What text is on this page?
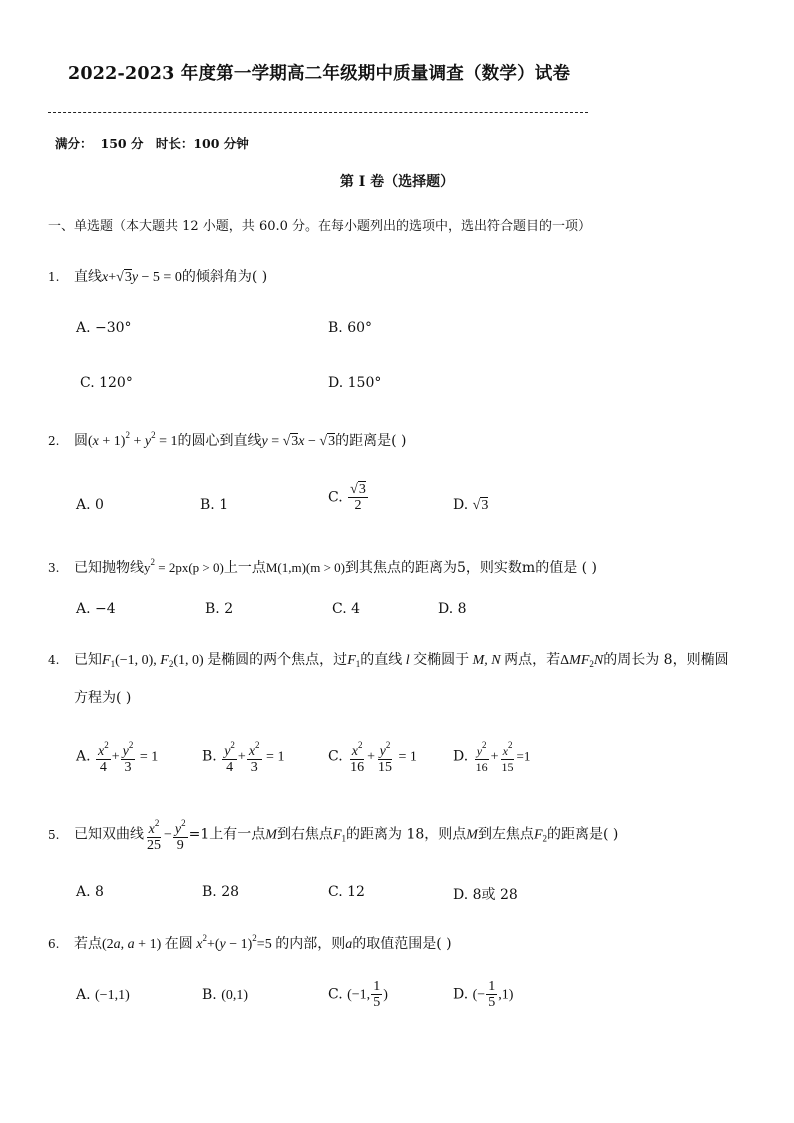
2022-2023 年度第一学期高二年级期中质量调查（数学）试卷
满分： 150 分 时长：100 分钟
第 I 卷（选择题）
一、单选题（本大题共 12 小题，共 60.0 分。在每小题列出的选项中，选出符合题目的一项）
1. 直线x+√3y − 5 = 0的倾斜角为( )
A. −30°	B. 60°
C. 120°	D. 150°
2. 圆$(x + 1)^2 + y^2 = 1$的圆心到直线y = √3x − √3的距离是( )
A. 0	B. 1	C. $\frac{√3}{2}$	D. √3
3. 已知抛物线$y^2 = 2px(p > 0)$上一点M(1,m)(m > 0)到其焦点的距离为5，则实数m的值是 ( )
A. −4	B. 2	C. 4	D. 8
4. 已知$F_1(-1$, 0), $F_2(1$, 0) 是椭圆的两个焦点，过$F_1$的直线 l 交椭圆于 M, N 两点，若$\Delta MF_2N$的周长为 8，则椭圆
方程为( )
A. $\frac{x^2}{4} + \frac{y^2}{3} = 1$	B. $\frac{y^2}{4} + \frac{x^2}{3} = 1$	C. $\frac{x^2}{16} + \frac{y^2}{15} = 1$	D. $\frac{y^2}{16} + \frac{x^2}{15} =1$
5. 已知双曲线 $\frac{x^2}{25} - \frac{y^2}{9} =1$上有一点M到右焦点$F_1$的距离为 18，则点M到左焦点$F_2$的距离是( )
A. 8	B. 28	C. 12	D. 8或 28
6. 若点(2a, a + 1) 在圆 $x^2+(y - 1)^2=5$ 的内部，则a的取值范围是( )
A. (−1,1)	B. (0,1)	C. (−1, $\frac{1}{5}$ )	D. (− $\frac{1}{5} ,1$)
